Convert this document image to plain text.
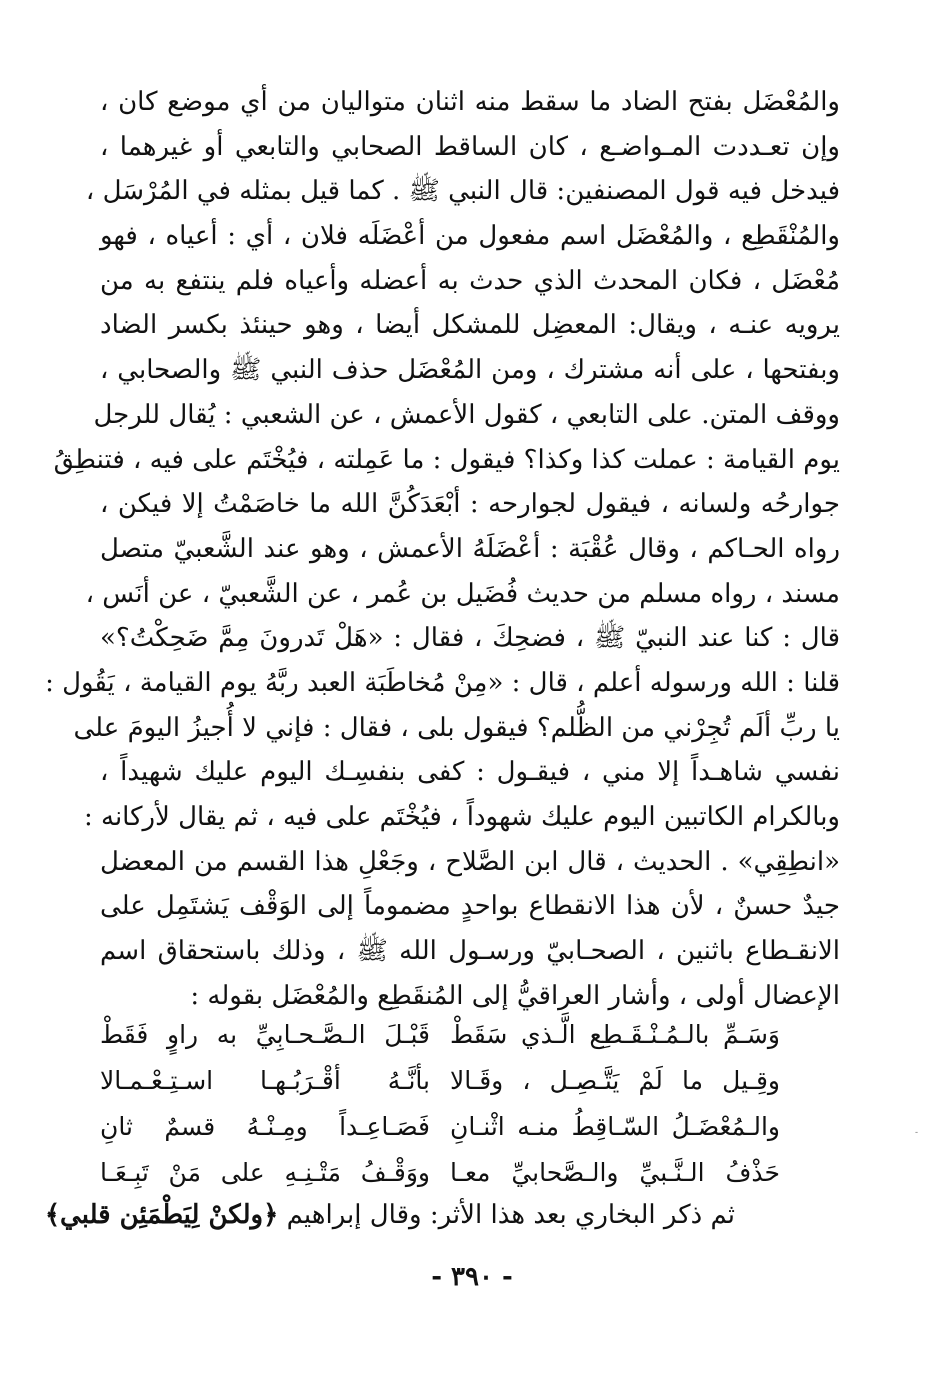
والمُعْضَل بفتح الضاد ما سقط منه اثنان متواليان من أي موضع كان ،
وإن تعـددت المـواضـع ، كان الساقط الصحابي والتابعي أو غيرهما ،
فيدخل فيه قول المصنفين: قال النبي ﷺ . كما قيل بمثله في المُرْسَل ،
والمُنْقَطِع ، والمُعْضَل اسم مفعول من أعْضَلَه فلان ، أي : أعياه ، فهو
مُعْضَل ، فكان المحدث الذي حدث به أعضله وأعياه فلم ينتفع به من
يرويه عنـه ، ويقال: المعضِل للمشكل أيضا ، وهو حينئذ بكسر الضاد
وبفتحها ، على أنه مشترك ، ومن المُعْضَل حذف النبي ﷺ والصحابي ،
ووقف المتن. على التابعي ، كقول الأعمش ، عن الشعبي : يُقال للرجل
يوم القيامة : عملت كذا وكذا؟ فيقول : ما عَمِلته ، فيُخْتَم على فيه ، فتنطِقُ
جوارحُه ولسانه ، فيقول لجوارحه : أبْعَدَكُنَّ الله ما خاصَمْتُ إلا فيكن ،
رواه الحـاكم ، وقال عُقْبَة : أعْضَلَهُ الأعمش ، وهو عند الشَّعبيّ متصل
مسند ، رواه مسلم من حديث فُضَيل بن عُمر ، عن الشَّعبيّ ، عن أنَس ،
قال : كنا عند النبيّ ﷺ ، فضحِكَ ، فقال : «هَلْ تَدرونَ مِمَّ ضَحِكْتُ؟»
قلنا : الله ورسوله أعلم ، قال : «مِنْ مُخاطَبَة العبد ربَّهُ يوم القيامة ، يَقُول :
يا ربِّ ألَم تُجِرْني من الظُّلم؟ فيقول بلى ، فقال : فإني لا أُجيزُ اليومَ على
نفسي شاهـداً إلا مني ، فيقـول : كفى بنفسِـك اليوم عليك شهيداً ،
وبالكرام الكاتبين اليوم عليك شهوداً ، فيُخْتَم على فيه ، ثم يقال لأركانه :
«انطِقِي» . الحديث ، قال ابن الصَّلاح ، وجَعْلِ هذا القسم من المعضل
جيدٌ حسنٌ ، لأن هذا الانقطاع بواحدٍ مضموماً إلى الوَقْف يَشتَمِل على
الانقـطاع باثنين ، الصحـابيّ ورسـول الله ﷺ ، وذلك باستحقاق اسم
الإعضال أولى ، وأشار العراقيُّ إلى المُنقَطِع والمُعْضَل بقوله :
وَسَـمِّ بالـمُـنْـقَـطِع الَّـذي سَقَطْ
قَبْـلَ الـصَّـحـابِيِّ به راوٍ فَقَطْ
وقِـيل ما لَمْ يَتَّـصِـل ، وقَـالا
بأنَّـهُ أقْـرَبُـهـا اسـتِـعْـمـالا
والـمُعْضَـلُ السّـاقِطُ منـه اثْنـانِ
فَصَـاعِـداً ومِـنْـهُ قسمٌ ثانِ
حَذْفُ الـنَّـبيِّ والـصَّحابيِّ معـا
ووَقْـفُ مَتْـنِـهِ على مَنْ تَبِـعَـا
ثم ذكر البخاري بعد هذا الأثر: وقال إبراهيم ﴿ولكنْ لِيَطْمَئِن قلبي﴾
- ٣٩٠ -
-
